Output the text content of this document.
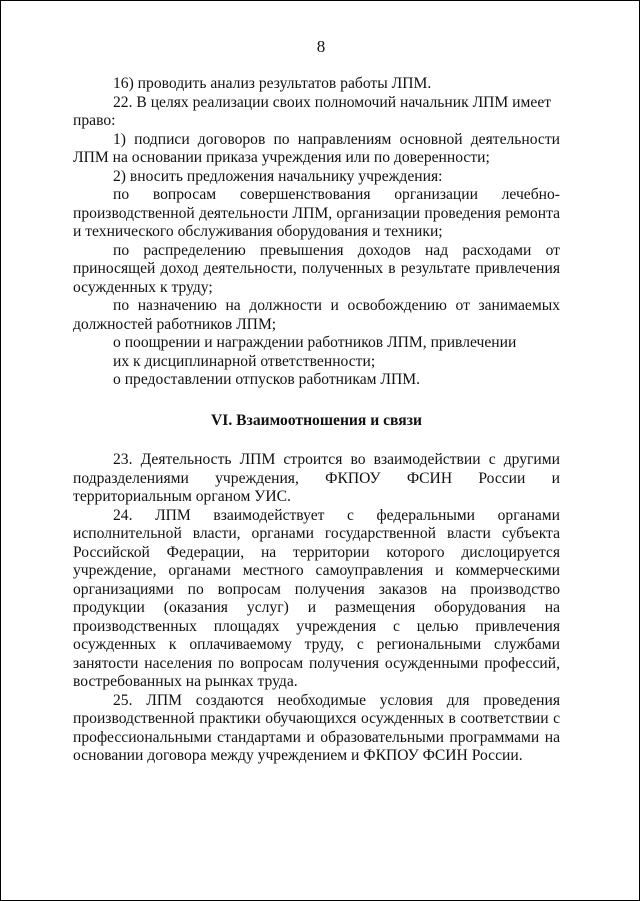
8

16) проводить анализ результатов работы ЛПМ.

22. В целях реализации своих полномочий начальник ЛПМ имеет

право:

1) подписи договоров по направлениям основной деятельности ЛПМ на основании приказа учреждения или по доверенности;

2) вносить предложения начальнику учреждения:

по вопросам совершенствования организации лечебно-производственной деятельности ЛПМ, организации проведения ремонта и технического обслуживания оборудования и техники;

по распределению превышения доходов над расходами от приносящей доход деятельности, полученных в результате привлечения осужденных к труду;

по назначению на должности и освобождению от занимаемых должностей работников ЛПМ;

о поощрении и награждении работников ЛПМ, привлечении

их к дисциплинарной ответственности;

о предоставлении отпусков работникам ЛПМ.

VI. Взаимоотношения и связи

23. Деятельность ЛПМ строится во взаимодействии с другими подразделениями учреждения, ФКПОУ ФСИН России и территориальным органом УИС.

24. ЛПМ взаимодействует с федеральными органами исполнительной власти, органами государственной власти субъекта Российской Федерации, на территории которого дислоцируется учреждение, органами местного самоуправления и коммерческими организациями по вопросам получения заказов на производство продукции (оказания услуг) и размещения оборудования на производственных площадях учреждения с целью привлечения осужденных к оплачиваемому труду, с региональными службами занятости населения по вопросам получения осужденными профессий, востребованных на рынках труда.

25. ЛПМ создаются необходимые условия для проведения производственной практики обучающихся осужденных в соответствии с профессиональными стандартами и образовательными программами на основании договора между учреждением и ФКПОУ ФСИН России.
